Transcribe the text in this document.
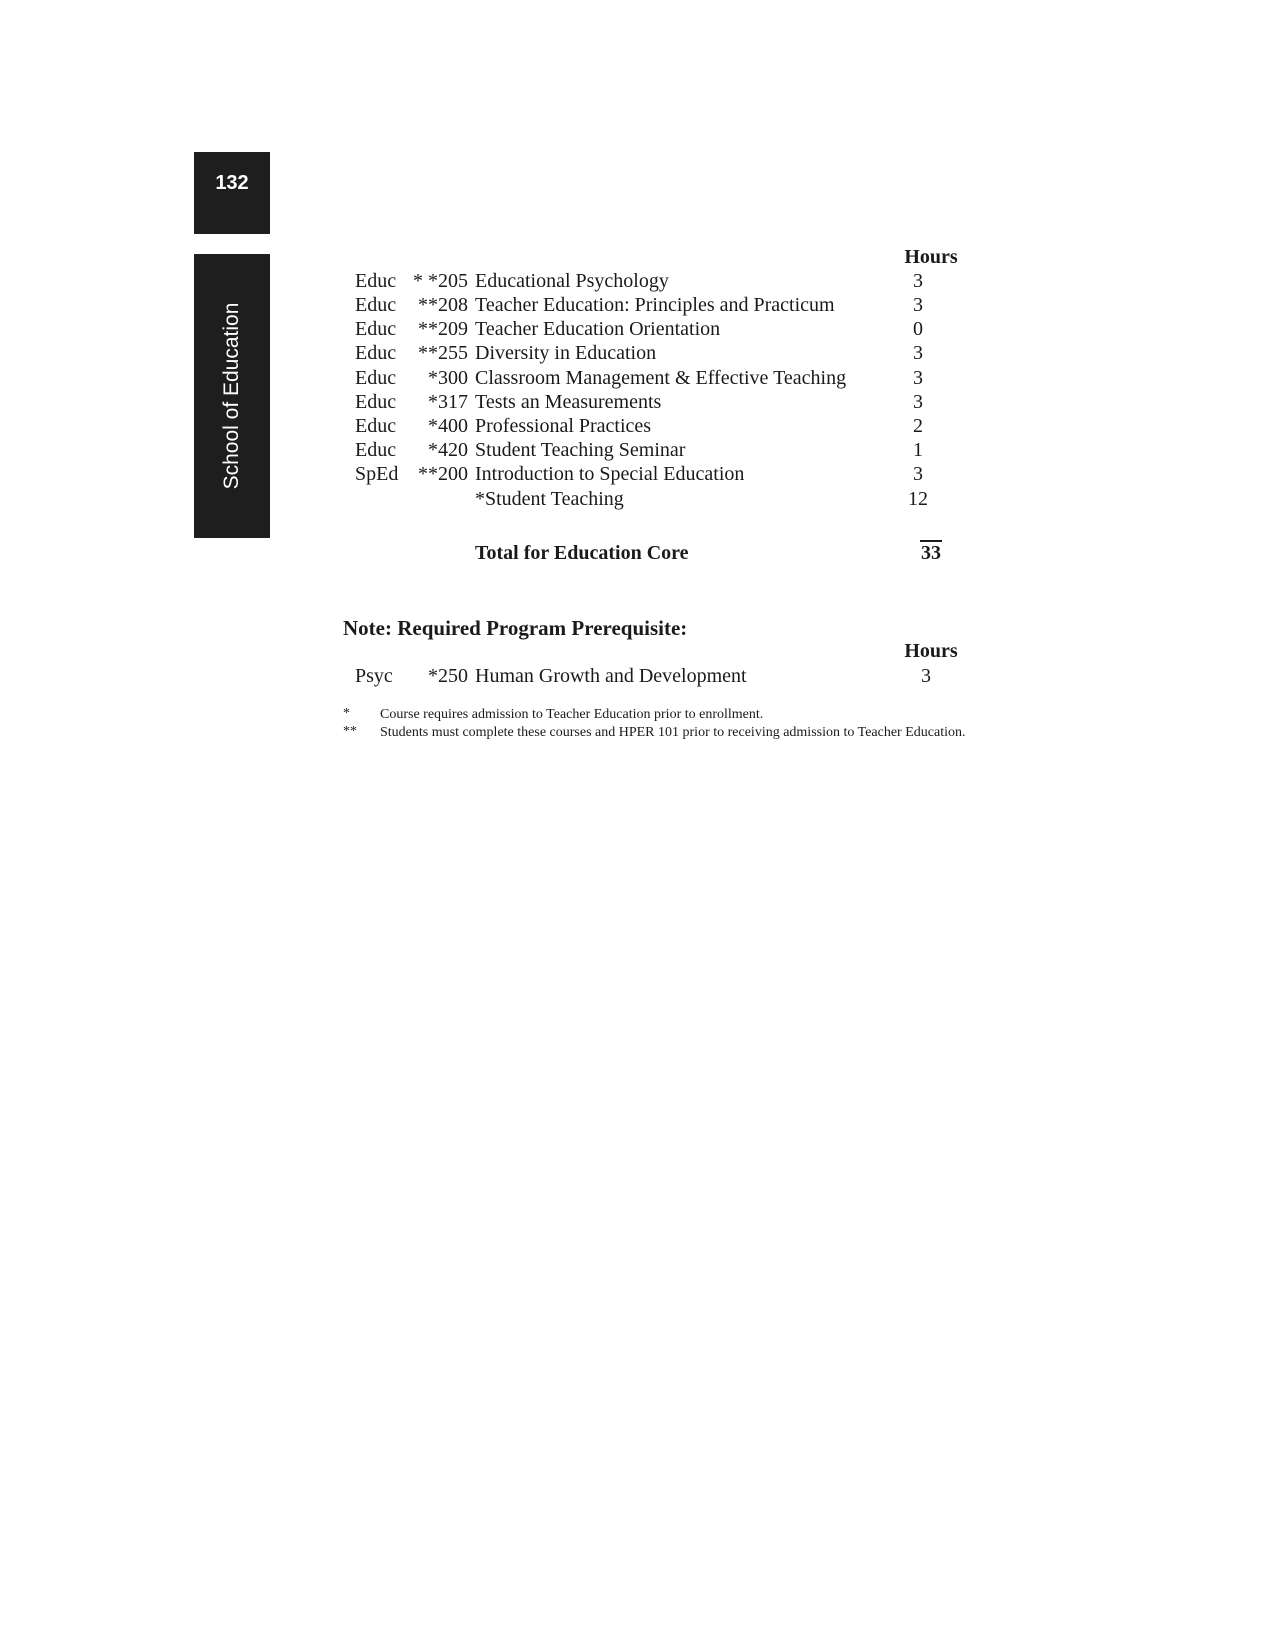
132
School of Education
Hours
Educ * *205 Educational Psychology	3
Educ	**208 Teacher Education: Principles and Practicum	3
Educ	**209 Teacher Education Orientation	0
Educ	**255 Diversity in Education	3
Educ	*300 Classroom Management & Effective Teaching	3
Educ	*317 Tests an Measurements	3
Educ	*400 Professional Practices	2
Educ	*420 Student Teaching Seminar	1
SpEd **200 Introduction to Special Education	3
*Student Teaching	12
Total for Education Core	33
Note: Required Program Prerequisite:
Hours
Psyc	*250 Human Growth and Development	3
* Course requires admission to Teacher Education prior to enrollment.
** Students must complete these courses and HPER 101 prior to receiving admission to Teacher Education.
